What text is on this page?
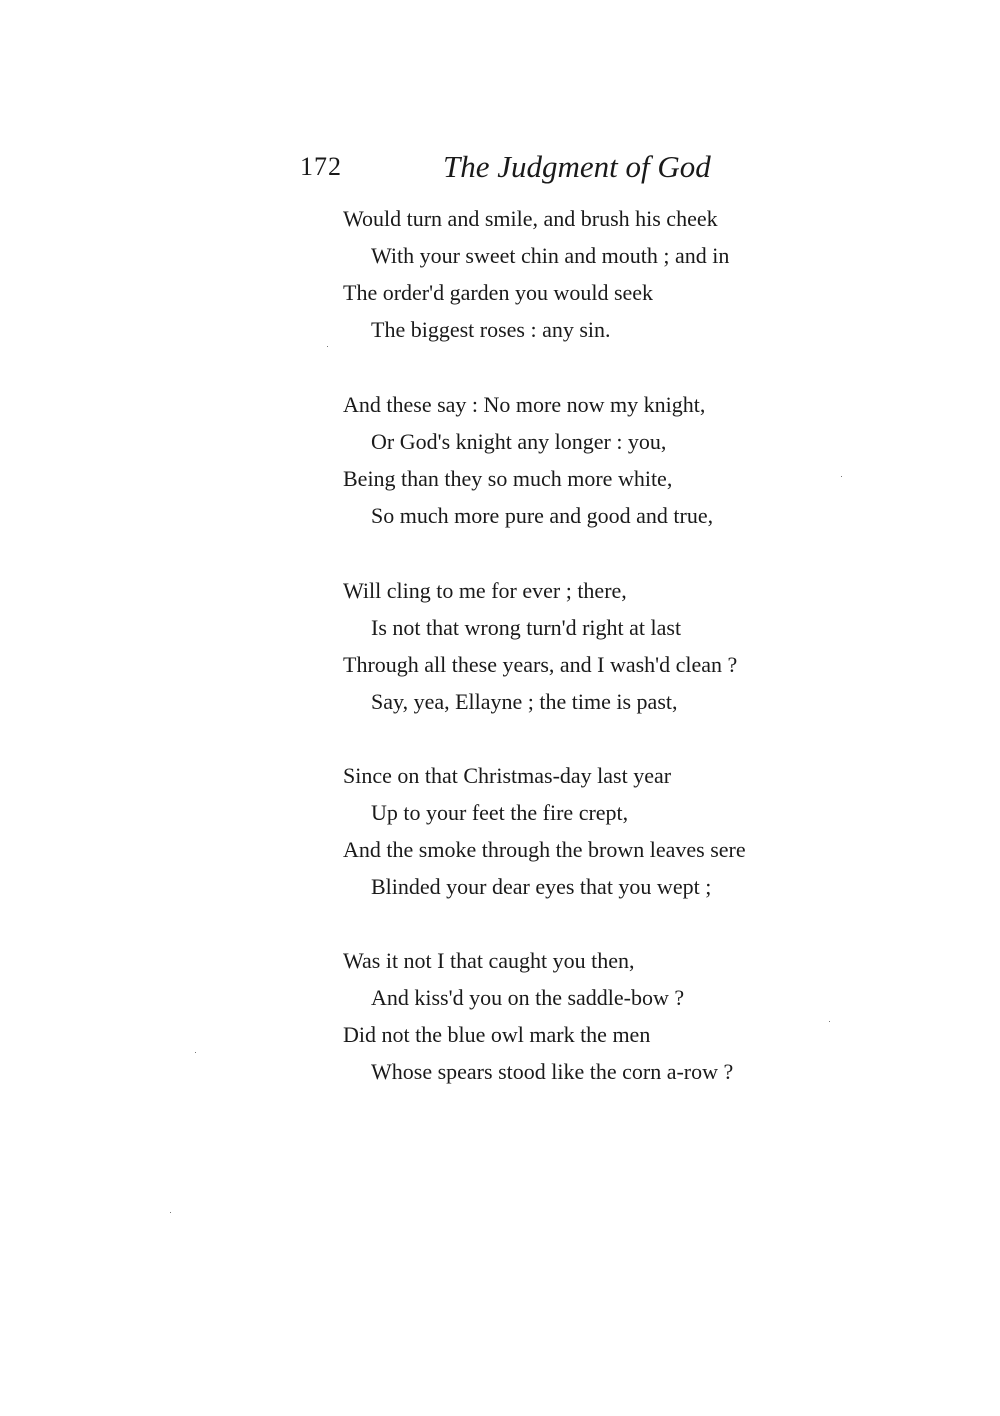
172	The Judgment of God
Would turn and smile, and brush his cheek
With your sweet chin and mouth ; and in
The order'd garden you would seek
The biggest roses : any sin.
And these say : No more now my knight,
Or God's knight any longer : you,
Being than they so much more white,
So much more pure and good and true,
Will cling to me for ever ; there,
Is not that wrong turn'd right at last
Through all these years, and I wash'd clean ?
Say, yea, Ellayne ; the time is past,
Since on that Christmas-day last year
Up to your feet the fire crept,
And the smoke through the brown leaves sere
Blinded your dear eyes that you wept ;
Was it not I that caught you then,
And kiss'd you on the saddle-bow ?
Did not the blue owl mark the men
Whose spears stood like the corn a-row ?
